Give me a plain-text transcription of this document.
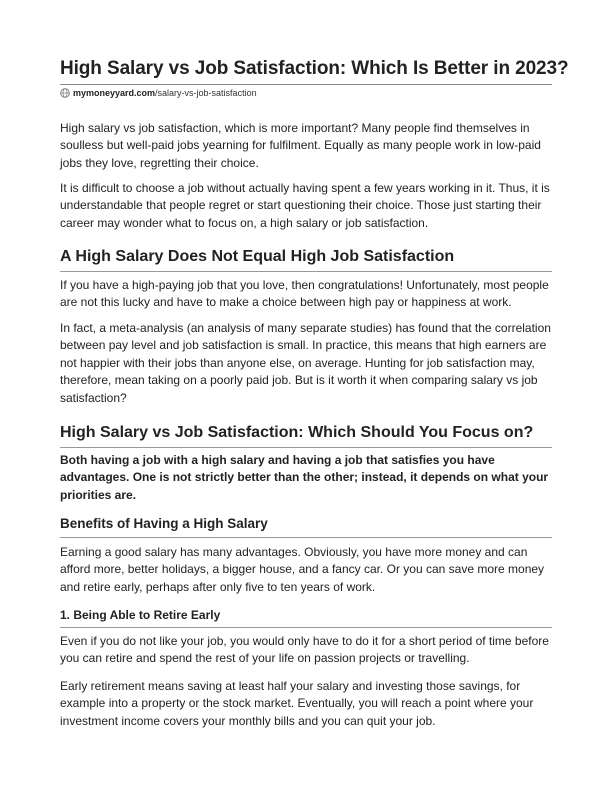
High Salary vs Job Satisfaction: Which Is Better in 2023?
mymoneyyard.com /salary-vs-job-satisfaction

High salary vs job satisfaction, which is more important? Many people find themselves in soulless but well-paid jobs yearning for fulfilment. Equally as many people work in low-paid jobs they love, regretting their choice.

It is difficult to choose a job without actually having spent a few years working in it. Thus, it is understandable that people regret or start questioning their choice. Those just starting their career may wonder what to focus on, a high salary or job satisfaction.

A High Salary Does Not Equal High Job Satisfaction

If you have a high-paying job that you love, then congratulations! Unfortunately, most people are not this lucky and have to make a choice between high pay or happiness at work.

In fact, a meta-analysis (an analysis of many separate studies) has found that the correlation between pay level and job satisfaction is small. In practice, this means that high earners are not happier with their jobs than anyone else, on average. Hunting for job satisfaction may, therefore, mean taking on a poorly paid job. But is it worth it when comparing salary vs job satisfaction?

High Salary vs Job Satisfaction: Which Should You Focus on?

Both having a job with a high salary and having a job that satisfies you have advantages. One is not strictly better than the other; instead, it depends on what your priorities are.

Benefits of Having a High Salary

Earning a good salary has many advantages. Obviously, you have more money and can afford more, better holidays, a bigger house, and a fancy car. Or you can save more money and retire early, perhaps after only five to ten years of work.

1. Being Able to Retire Early

Even if you do not like your job, you would only have to do it for a short period of time before you can retire and spend the rest of your life on passion projects or travelling.

Early retirement means saving at least half your salary and investing those savings, for example into a property or the stock market. Eventually, you will reach a point where your investment income covers your monthly bills and you can quit your job.
